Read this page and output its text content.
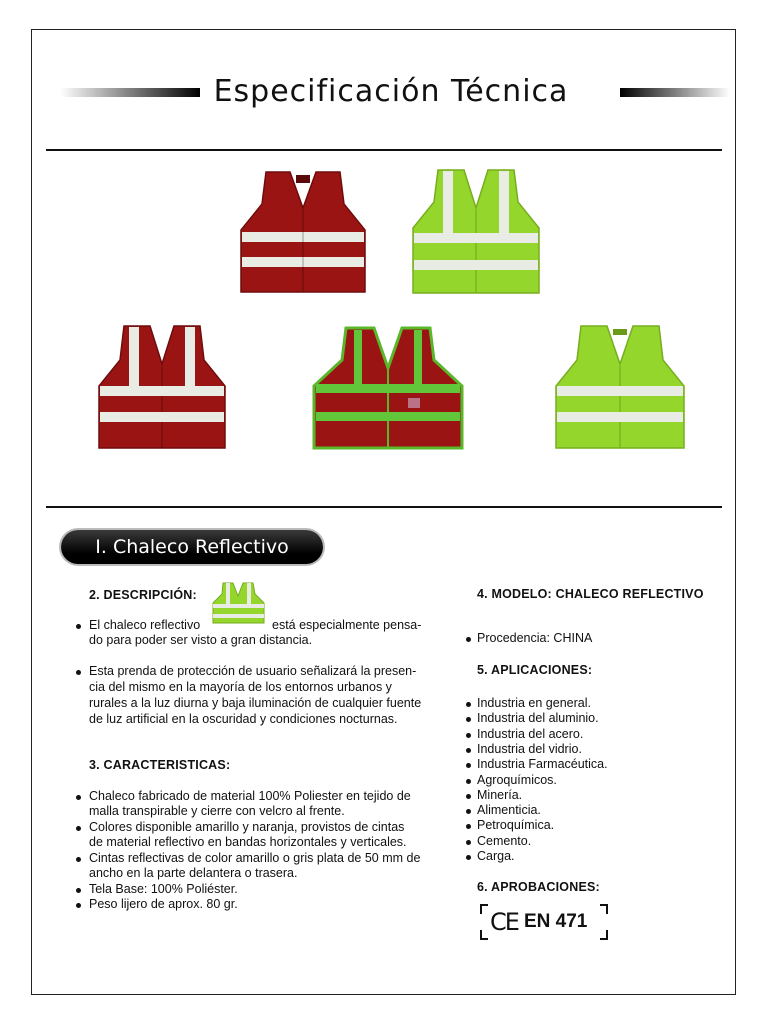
Especificación Técnica
I. Chaleco Reflectivo
2. DESCRIPCIÓN:
El chaleco reflectivo	está especialmente pensa-
do para poder ser visto a gran distancia.
Esta prenda de protección de usuario señalizará la presen-
cia del mismo en la mayoría de los entornos urbanos y
rurales a la luz diurna y baja iluminación de cualquier fuente
de luz artificial en la oscuridad y condiciones nocturnas.
3. CARACTERISTICAS:
Chaleco fabricado de material 100% Poliester en tejido de
malla transpirable y cierre con velcro al frente.
Colores disponible amarillo y naranja, provistos de cintas
de material reflectivo en bandas horizontales y verticales.
Cintas reflectivas de color amarillo o gris plata de 50 mm de
ancho en la parte delantera o trasera.
Tela Base: 100% Poliéster.
Peso lijero de aprox. 80 gr.
4. MODELO: CHALECO REFLECTIVO
Procedencia: CHINA
5. APLICACIONES:
Industria en general.
Industria del aluminio.
Industria del acero.
Industria del vidrio.
Industria Farmacéutica.
Agroquímicos.
Minería.
Alimenticia.
Petroquímica.
Cemento.
Carga.
6. APROBACIONES:
CE EN 471
